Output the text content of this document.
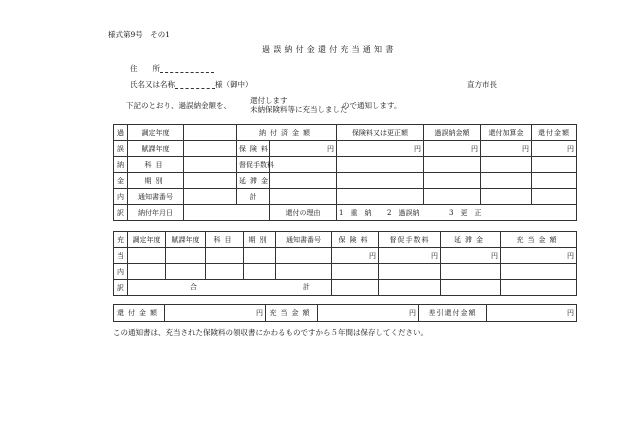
様式第9号　その1
過誤納付金還付充当通知書
住　　所
氏名又は名称	様（御中）	直方市長
下記のとおり、過誤納金額を、
還付します
未納保険料等に充当しました
ので通知します。
過	調定年度		納付済金額		保険料又は更正額	過誤納金額	還付加算金	還付金額
誤	賦課年度		保険料	円	円	円	円	円
納	科目		督促手数料					
金	期別		延滞金					
内	通知書番号		計					
訳	納付年月日			還付の理由	1　重　納 2　過誤納 3　更　正			
充	調定年度	賦課年度	科目	期別	通知書番号	保険料	督促手数料	延滞金	充当金額
当						円	円	円	円
内									
訳	合 計								

還付金額	円	充当金額	円	差引還付金額	円
この通知書は、充当された保険料の領収書にかわるものですから５年間は保存してください。
